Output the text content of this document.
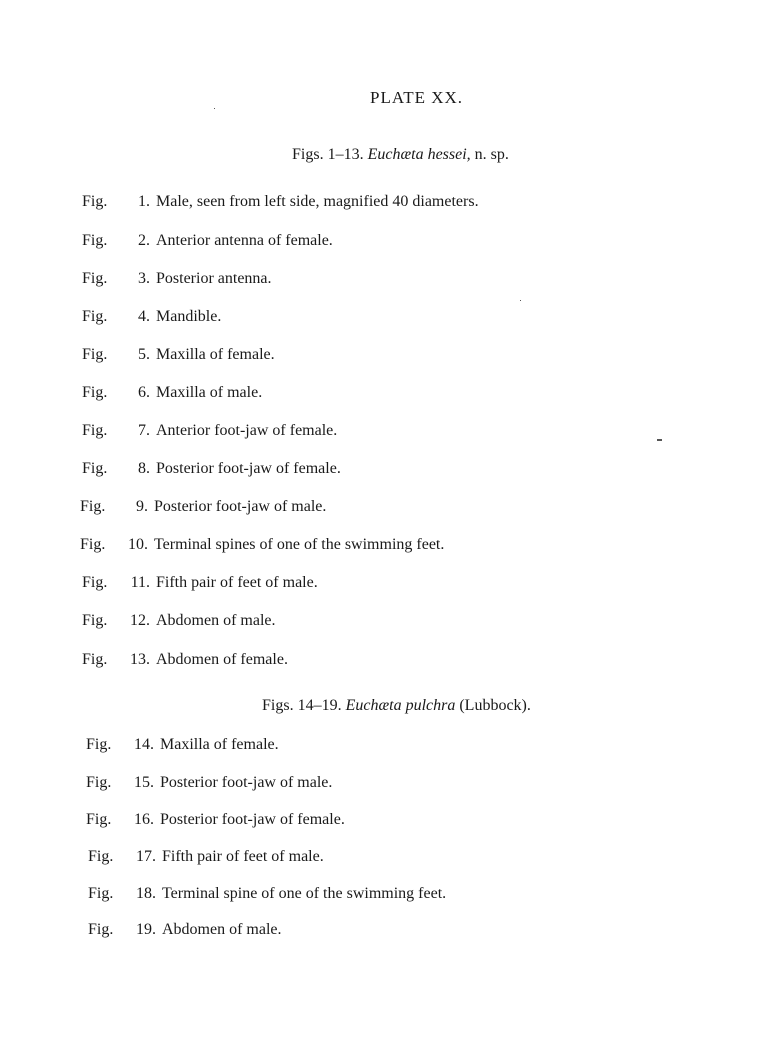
PLATE XX.
Figs. 1–13. Euchæta hessei, n. sp.
Fig.	1. Male, seen from left side, magnified 40 diameters.
Fig.	2. Anterior antenna of female.
Fig.	3. Posterior antenna.
Fig.	4. Mandible.
Fig.	5. Maxilla of female.
Fig.	6. Maxilla of male.
Fig.	7. Anterior foot-jaw of female.
Fig.	8. Posterior foot-jaw of female.
Fig.	9. Posterior foot-jaw of male.
Fig.	10. Terminal spines of one of the swimming feet.
Fig.	11. Fifth pair of feet of male.
Fig.	12. Abdomen of male.
Fig.	13. Abdomen of female.
Figs. 14–19. Euchæta pulchra (Lubbock).
Fig.	14. Maxilla of female.
Fig.	15. Posterior foot-jaw of male.
Fig.	16. Posterior foot-jaw of female.
Fig.	17. Fifth pair of feet of male.
Fig.	18. Terminal spine of one of the swimming feet.
Fig.	19. Abdomen of male.
